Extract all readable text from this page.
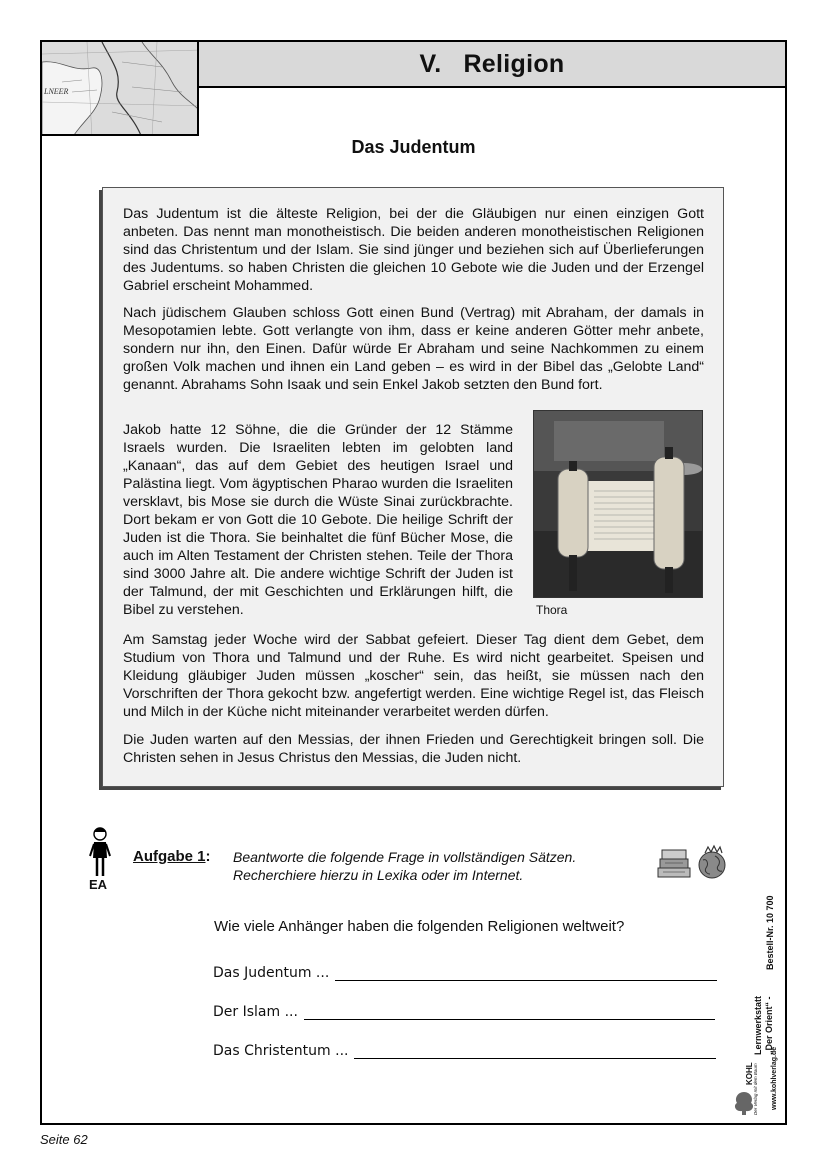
LNEER
V. Religion
Das Judentum

Das Judentum ist die älteste Religion, bei der die Gläubigen nur einen einzigen Gott anbeten. Das nennt man monotheistisch. Die beiden anderen monotheistischen Religionen sind das Christentum und der Islam. Sie sind jünger und beziehen sich auf Überlieferungen des Judentums. so haben Christen die gleichen 10 Gebote wie die Juden und der Erzengel Gabriel erscheint Mohammed.

Nach jüdischem Glauben schloss Gott einen Bund (Vertrag) mit Abraham, der damals in Mesopotamien lebte. Gott verlangte von ihm, dass er keine anderen Götter mehr anbete, sondern nur ihn, den Einen. Dafür würde Er Abraham und seine Nachkommen zu einem großen Volk machen und ihnen ein Land geben – es wird in der Bibel das „Gelobte Land“ genannt. Abrahams Sohn Isaak und sein Enkel Jakob setzten den Bund fort.

Jakob hatte 12 Söhne, die die Gründer der 12 Stämme Israels wurden. Die Israeliten lebten im gelobten land „Kanaan“, das auf dem Gebiet des heutigen Israel und Palästina liegt. Vom ägyptischen Pharao wurden die Israeliten versklavt, bis Mose sie durch die Wüste Sinai zurückbrachte. Dort bekam er von Gott die 10 Gebote. Die heilige Schrift der Juden ist die Thora. Sie beinhaltet die fünf Bücher Mose, die auch im Alten Testament der Christen stehen. Teile der Thora sind 3000 Jahre alt. Die andere wichtige Schrift der Juden ist der Talmund, der mit Geschichten und Erklärungen hilft, die Bibel zu verstehen.	Thora

Am Samstag jeder Woche wird der Sabbat gefeiert. Dieser Tag dient dem Gebet, dem Studium von Thora und Talmund und der Ruhe. Es wird nicht gearbeitet. Speisen und Kleidung gläubiger Juden müssen „koscher“ sein, das heißt, sie müssen nach den Vorschriften der Thora gekocht bzw. angefertigt werden. Eine wichtige Regel ist, das Fleisch und Milch in der Küche nicht miteinander verarbeitet werden dürfen.

Die Juden warten auf den Messias, der ihnen Frieden und Gerechtigkeit bringen soll. Die Christen sehen in Jesus Christus den Messias, die Juden nicht.

EA
Aufgabe 1: Beantworte die folgende Frage in vollständigen Sätzen.
Recherchiere hierzu in Lexika oder im Internet.
Wie viele Anhänger haben die folgenden Religionen weltweit?
Das Judentum ...
Der Islam ...
Das Christentum ...
Bestell-Nr. 10 700
Lernwerkstatt „Der Orient“ -
KOHL Der Verlag mit dem Baum www.kohlverlag.de
Seite 62
